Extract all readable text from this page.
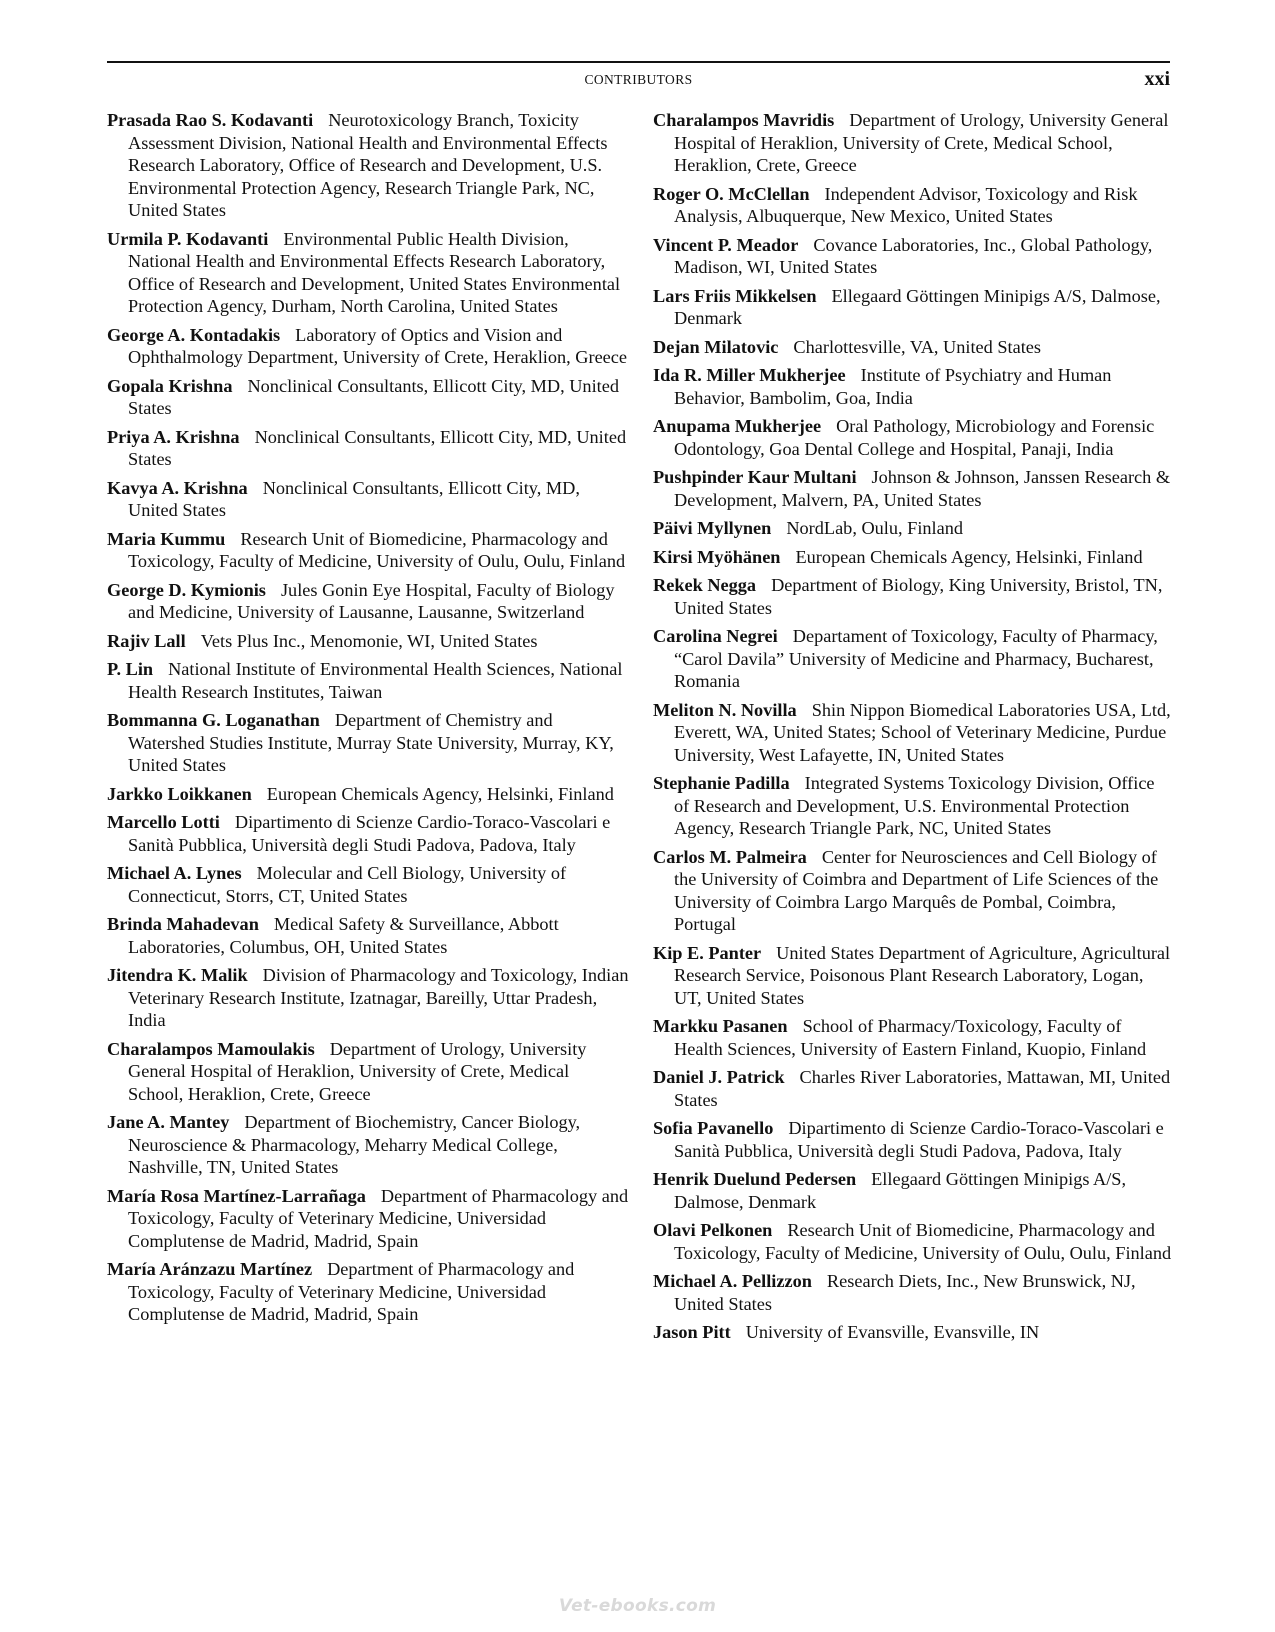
CONTRIBUTORS	xxi
Prasada Rao S. Kodavanti Neurotoxicology Branch, Toxicity Assessment Division, National Health and Environmental Effects Research Laboratory, Office of Research and Development, U.S. Environmental Protection Agency, Research Triangle Park, NC, United States
Urmila P. Kodavanti Environmental Public Health Division, National Health and Environmental Effects Research Laboratory, Office of Research and Development, United States Environmental Protection Agency, Durham, North Carolina, United States
George A. Kontadakis Laboratory of Optics and Vision and Ophthalmology Department, University of Crete, Heraklion, Greece
Gopala Krishna Nonclinical Consultants, Ellicott City, MD, United States
Priya A. Krishna Nonclinical Consultants, Ellicott City, MD, United States
Kavya A. Krishna Nonclinical Consultants, Ellicott City, MD, United States
Maria Kummu Research Unit of Biomedicine, Pharmacology and Toxicology, Faculty of Medicine, University of Oulu, Oulu, Finland
George D. Kymionis Jules Gonin Eye Hospital, Faculty of Biology and Medicine, University of Lausanne, Lausanne, Switzerland
Rajiv Lall Vets Plus Inc., Menomonie, WI, United States
P. Lin National Institute of Environmental Health Sciences, National Health Research Institutes, Taiwan
Bommanna G. Loganathan Department of Chemistry and Watershed Studies Institute, Murray State University, Murray, KY, United States
Jarkko Loikkanen European Chemicals Agency, Helsinki, Finland
Marcello Lotti Dipartimento di Scienze Cardio-Toraco-Vascolari e Sanità Pubblica, Università degli Studi Padova, Padova, Italy
Michael A. Lynes Molecular and Cell Biology, University of Connecticut, Storrs, CT, United States
Brinda Mahadevan Medical Safety & Surveillance, Abbott Laboratories, Columbus, OH, United States
Jitendra K. Malik Division of Pharmacology and Toxicology, Indian Veterinary Research Institute, Izatnagar, Bareilly, Uttar Pradesh, India
Charalampos Mamoulakis Department of Urology, University General Hospital of Heraklion, University of Crete, Medical School, Heraklion, Crete, Greece
Jane A. Mantey Department of Biochemistry, Cancer Biology, Neuroscience & Pharmacology, Meharry Medical College, Nashville, TN, United States
María Rosa Martínez-Larrañaga Department of Pharmacology and Toxicology, Faculty of Veterinary Medicine, Universidad Complutense de Madrid, Madrid, Spain
María Aránzazu Martínez Department of Pharmacology and Toxicology, Faculty of Veterinary Medicine, Universidad Complutense de Madrid, Madrid, Spain
Charalampos Mavridis Department of Urology, University General Hospital of Heraklion, University of Crete, Medical School, Heraklion, Crete, Greece
Roger O. McClellan Independent Advisor, Toxicology and Risk Analysis, Albuquerque, New Mexico, United States
Vincent P. Meador Covance Laboratories, Inc., Global Pathology, Madison, WI, United States
Lars Friis Mikkelsen Ellegaard Göttingen Minipigs A/S, Dalmose, Denmark
Dejan Milatovic Charlottesville, VA, United States
Ida R. Miller Mukherjee Institute of Psychiatry and Human Behavior, Bambolim, Goa, India
Anupama Mukherjee Oral Pathology, Microbiology and Forensic Odontology, Goa Dental College and Hospital, Panaji, India
Pushpinder Kaur Multani Johnson & Johnson, Janssen Research & Development, Malvern, PA, United States
Päivi Myllynen NordLab, Oulu, Finland
Kirsi Myöhänen European Chemicals Agency, Helsinki, Finland
Rekek Negga Department of Biology, King University, Bristol, TN, United States
Carolina Negrei Departament of Toxicology, Faculty of Pharmacy, “Carol Davila” University of Medicine and Pharmacy, Bucharest, Romania
Meliton N. Novilla Shin Nippon Biomedical Laboratories USA, Ltd, Everett, WA, United States; School of Veterinary Medicine, Purdue University, West Lafayette, IN, United States
Stephanie Padilla Integrated Systems Toxicology Division, Office of Research and Development, U.S. Environmental Protection Agency, Research Triangle Park, NC, United States
Carlos M. Palmeira Center for Neurosciences and Cell Biology of the University of Coimbra and Department of Life Sciences of the University of Coimbra Largo Marquês de Pombal, Coimbra, Portugal
Kip E. Panter United States Department of Agriculture, Agricultural Research Service, Poisonous Plant Research Laboratory, Logan, UT, United States
Markku Pasanen School of Pharmacy/Toxicology, Faculty of Health Sciences, University of Eastern Finland, Kuopio, Finland
Daniel J. Patrick Charles River Laboratories, Mattawan, MI, United States
Sofia Pavanello Dipartimento di Scienze Cardio-Toraco-Vascolari e Sanità Pubblica, Università degli Studi Padova, Padova, Italy
Henrik Duelund Pedersen Ellegaard Göttingen Minipigs A/S, Dalmose, Denmark
Olavi Pelkonen Research Unit of Biomedicine, Pharmacology and Toxicology, Faculty of Medicine, University of Oulu, Oulu, Finland
Michael A. Pellizzon Research Diets, Inc., New Brunswick, NJ, United States
Jason Pitt University of Evansville, Evansville, IN
Vet-ebooks.com
